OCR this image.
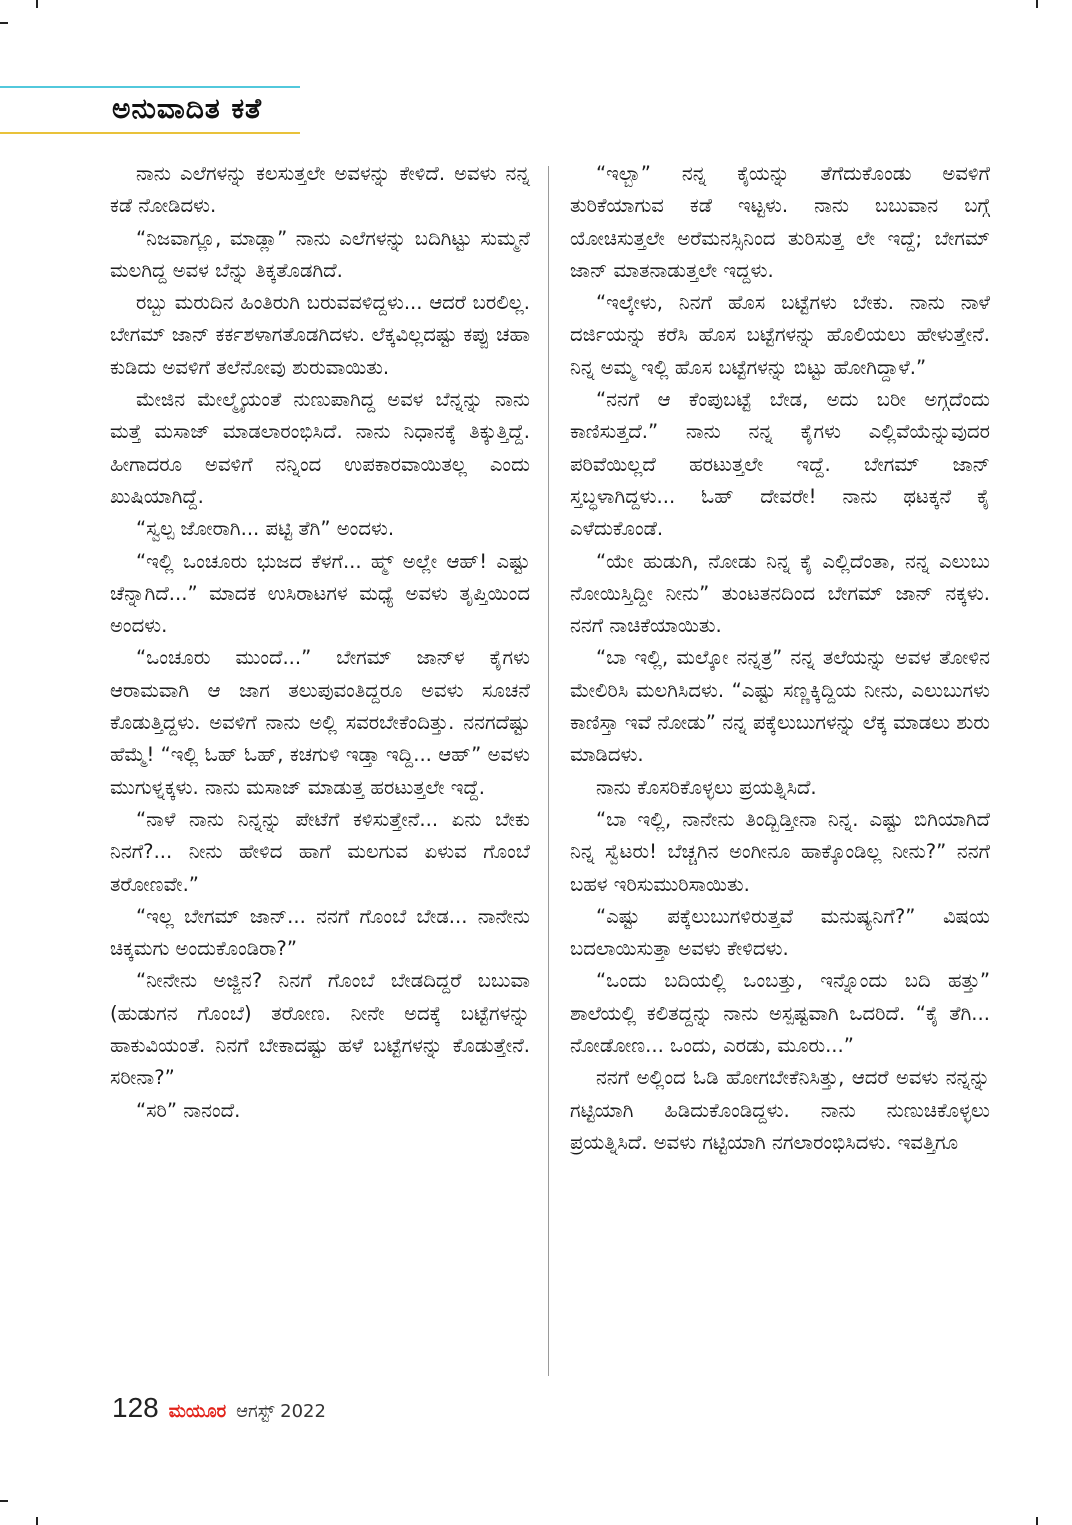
ಅನುವಾದಿತ ಕತೆ

ನಾನು ಎಲೆಗಳನ್ನು ಕಲಸುತ್ತಲೇ ಅವಳನ್ನು ಕೇಳಿದೆ. ಅವಳು ನನ್ನ ಕಡೆ ನೋಡಿದಳು.

“ನಿಜವಾಗ್ಲೂ, ಮಾಡ್ಲಾ” ನಾನು ಎಲೆಗಳನ್ನು ಬದಿಗಿಟ್ಟು ಸುಮ್ಮನೆ ಮಲಗಿದ್ದ ಅವಳ ಬೆನ್ನು ತಿಕ್ಕತೊಡಗಿದೆ.

ರಬ್ಬು ಮರುದಿನ ಹಿಂತಿರುಗಿ ಬರುವವಳಿದ್ದಳು... ಆದರೆ ಬರಲಿಲ್ಲ. ಬೇಗಮ್ ಜಾನ್ ಕರ್ಕಶಳಾಗತೊಡಗಿದಳು. ಲೆಕ್ಕವಿಲ್ಲದಷ್ಟು ಕಪ್ಪು ಚಹಾ ಕುಡಿದು ಅವಳಿಗೆ ತಲೆನೋವು ಶುರುವಾಯಿತು.

ಮೇಜಿನ ಮೇಲ್ಮೈಯಂತೆ ನುಣುಪಾಗಿದ್ದ ಅವಳ ಬೆನ್ನನ್ನು ನಾನು ಮತ್ತೆ ಮಸಾಜ್ ಮಾಡಲಾರಂಭಿಸಿದೆ. ನಾನು ನಿಧಾನಕ್ಕೆ ತಿಕ್ಕುತ್ತಿದ್ದೆ. ಹೀಗಾದರೂ ಅವಳಿಗೆ ನನ್ನಿಂದ ಉಪಕಾರವಾಯಿತಲ್ಲ ಎಂದು ಖುಷಿಯಾಗಿದ್ದೆ.

“ಸ್ವಲ್ಪ ಜೋರಾಗಿ... ಪಟ್ಟಿ ತೆಗಿ” ಅಂದಳು.

“ಇಲ್ಲಿ ಒಂಚೂರು ಭುಜದ ಕೆಳಗೆ... ಹ್ಮ್ ಅಲ್ಲೇ ಆಹ್! ಎಷ್ಟು ಚೆನ್ನಾಗಿದೆ...” ಮಾದಕ ಉಸಿರಾಟಗಳ ಮಧ್ಯೆ ಅವಳು ತೃಪ್ತಿಯಿಂದ ಅಂದಳು.

“ಒಂಚೂರು ಮುಂದೆ...” ಬೇಗಮ್ ಜಾನ್‌ಳ ಕೈಗಳು ಆರಾಮವಾಗಿ ಆ ಜಾಗ ತಲುಪುವಂತಿದ್ದರೂ ಅವಳು ಸೂಚನೆ ಕೊಡುತ್ತಿದ್ದಳು. ಅವಳಿಗೆ ನಾನು ಅಲ್ಲಿ ಸವರಬೇಕೆಂದಿತ್ತು. ನನಗದೆಷ್ಟು ಹೆಮ್ಮೆ! “ಇಲ್ಲಿ ಓಹ್ ಓಹ್, ಕಚಗುಳಿ ಇಡ್ತಾ ಇದ್ದಿ... ಆಹ್” ಅವಳು ಮುಗುಳ್ನಕ್ಕಳು. ನಾನು ಮಸಾಜ್ ಮಾಡುತ್ತ ಹರಟುತ್ತಲೇ ಇದ್ದೆ.

“ನಾಳೆ ನಾನು ನಿನ್ನನ್ನು ಪೇಟೆಗೆ ಕಳಿಸುತ್ತೇನೆ... ಏನು ಬೇಕು ನಿನಗೆ?... ನೀನು ಹೇಳಿದ ಹಾಗೆ ಮಲಗುವ ಏಳುವ ಗೊಂಬೆ ತರೋಣವೇ.”

“ಇಲ್ಲ ಬೇಗಮ್ ಜಾನ್... ನನಗೆ ಗೊಂಬೆ ಬೇಡ... ನಾನೇನು ಚಿಕ್ಕಮಗು ಅಂದುಕೊಂಡಿರಾ?”

“ನೀನೇನು ಅಜ್ಜಿನ? ನಿನಗೆ ಗೊಂಬೆ ಬೇಡದಿದ್ದರೆ ಬಬುವಾ (ಹುಡುಗನ ಗೊಂಬೆ) ತರೋಣ. ನೀನೇ ಅದಕ್ಕೆ ಬಟ್ಟೆಗಳನ್ನು ಹಾಕುವಿಯಂತೆ. ನಿನಗೆ ಬೇಕಾದಷ್ಟು ಹಳೆ ಬಟ್ಟೆಗಳನ್ನು ಕೊಡುತ್ತೇನೆ. ಸರೀನಾ?”

“ಸರಿ” ನಾನಂದೆ.

“ಇಲ್ಬಾ” ನನ್ನ ಕೈಯನ್ನು ತೆಗೆದುಕೊಂಡು ಅವಳಿಗೆ ತುರಿಕೆಯಾಗುವ ಕಡೆ ಇಟ್ಟಳು. ನಾನು ಬಬುವಾನ ಬಗ್ಗೆ ಯೋಚಿಸುತ್ತಲೇ ಅರೆಮನಸ್ಸಿನಿಂದ ತುರಿಸುತ್ತ ಲೇ ಇದ್ದೆ; ಬೇಗಮ್ ಜಾನ್ ಮಾತನಾಡುತ್ತಲೇ ಇದ್ದಳು.

“ಇಲ್ಕೇಳು, ನಿನಗೆ ಹೊಸ ಬಟ್ಟೆಗಳು ಬೇಕು. ನಾನು ನಾಳೆ ದರ್ಜಿಯನ್ನು ಕರೆಸಿ ಹೊಸ ಬಟ್ಟೆಗಳನ್ನು ಹೊಲಿಯಲು ಹೇಳುತ್ತೇನೆ. ನಿನ್ನ ಅಮ್ಮ ಇಲ್ಲಿ ಹೊಸ ಬಟ್ಟೆಗಳನ್ನು ಬಿಟ್ಟು ಹೋಗಿದ್ದಾಳೆ.”

“ನನಗೆ ಆ ಕೆಂಪುಬಟ್ಟೆ ಬೇಡ, ಅದು ಬರೀ ಅಗ್ಗದೆಂದು ಕಾಣಿಸುತ್ತದೆ.” ನಾನು ನನ್ನ ಕೈಗಳು ಎಲ್ಲಿವೆಯೆನ್ನುವುದರ ಪರಿವೆಯಿಲ್ಲದೆ ಹರಟುತ್ತಲೇ ಇದ್ದೆ. ಬೇಗಮ್ ಜಾನ್ ಸ್ತಬ್ಧಳಾಗಿದ್ದಳು... ಓಹ್ ದೇವರೇ! ನಾನು ಥಟಕ್ಕನೆ ಕೈ ಎಳೆದುಕೊಂಡೆ.

“ಯೇ ಹುಡುಗಿ, ನೋಡು ನಿನ್ನ ಕೈ ಎಲ್ಲಿದೆಂತಾ, ನನ್ನ ಎಲುಬು ನೋಯಿಸ್ತಿದ್ದೀ ನೀನು” ತುಂಟತನದಿಂದ ಬೇಗಮ್ ಜಾನ್ ನಕ್ಕಳು. ನನಗೆ ನಾಚಿಕೆಯಾಯಿತು.

“ಬಾ ಇಲ್ಲಿ, ಮಲ್ಕೋ ನನ್ನತ್ರ” ನನ್ನ ತಲೆಯನ್ನು ಅವಳ ತೋಳಿನ ಮೇಲಿರಿಸಿ ಮಲಗಿಸಿದಳು. “ಎಷ್ಟು ಸಣ್ಣಕ್ಕಿದ್ದಿಯ ನೀನು, ಎಲುಬುಗಳು ಕಾಣಿಸ್ತಾ ಇವೆ ನೋಡು” ನನ್ನ ಪಕ್ಕೆಲುಬುಗಳನ್ನು ಲೆಕ್ಕ ಮಾಡಲು ಶುರು ಮಾಡಿದಳು.

ನಾನು ಕೊಸರಿಕೊಳ್ಳಲು ಪ್ರಯತ್ನಿಸಿದೆ.

“ಬಾ ಇಲ್ಲಿ, ನಾನೇನು ತಿಂದ್ಬಿಡ್ತೀನಾ ನಿನ್ನ. ಎಷ್ಟು ಬಿಗಿಯಾಗಿದೆ ನಿನ್ನ ಸ್ವೆಟರು! ಬೆಚ್ಚಗಿನ ಅಂಗೀನೂ ಹಾಕ್ಕೊಂಡಿಲ್ಲ ನೀನು?” ನನಗೆ ಬಹಳ ಇರಿಸುಮುರಿಸಾಯಿತು.

“ಎಷ್ಟು ಪಕ್ಕೆಲುಬುಗಳಿರುತ್ತವೆ ಮನುಷ್ಯನಿಗೆ?” ವಿಷಯ ಬದಲಾಯಿಸುತ್ತಾ ಅವಳು ಕೇಳಿದಳು.

“ಒಂದು ಬದಿಯಲ್ಲಿ ಒಂಬತ್ತು, ಇನ್ನೊಂದು ಬದಿ ಹತ್ತು” ಶಾಲೆಯಲ್ಲಿ ಕಲಿತದ್ದನ್ನು ನಾನು ಅಸ್ಪಷ್ಟವಾಗಿ ಒದರಿದೆ. “ಕೈ ತೆಗಿ... ನೋಡೋಣ... ಒಂದು, ಎರಡು, ಮೂರು...”

ನನಗೆ ಅಲ್ಲಿಂದ ಓಡಿ ಹೋಗಬೇಕೆನಿಸಿತ್ತು, ಆದರೆ ಅವಳು ನನ್ನನ್ನು ಗಟ್ಟಿಯಾಗಿ ಹಿಡಿದುಕೊಂಡಿದ್ದಳು. ನಾನು ನುಣುಚಿಕೊಳ್ಳಲು ಪ್ರಯತ್ನಿಸಿದೆ. ಅವಳು ಗಟ್ಟಿಯಾಗಿ ನಗಲಾರಂಭಿಸಿದಳು. ಇವತ್ತಿಗೂ

128 ಮಯೂರ ಆಗಸ್ಟ್ 2022
